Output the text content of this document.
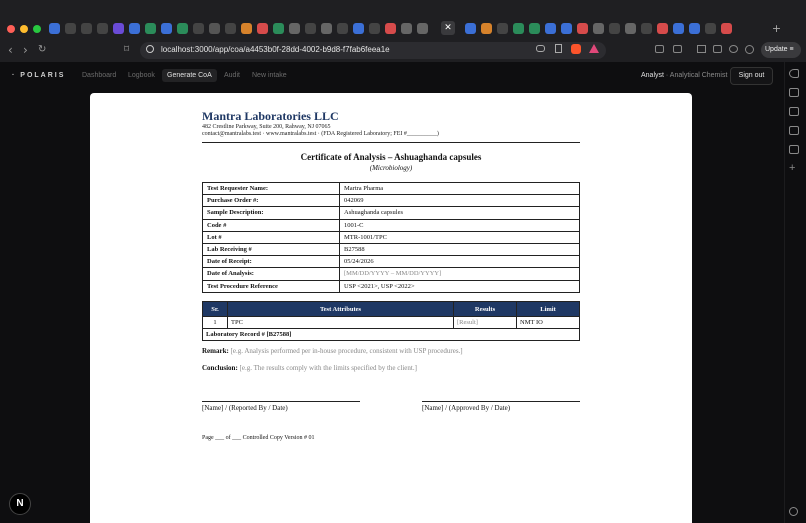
✕	+
‹ › ↻	⌑	localhost:3000/app/coa/a4453b0f-28dd-4002-b9d8-f7fab6feea1e	Update ≡
· POLARIS Dashboard Logbook	Generate CoA	Audit New intake	Analyst · Analytical Chemist	Sign out
+
N
Mantra Laboratories LLC
482 Crestline Parkway, Suite 200, Rahway, NJ 07065
contact@mantralabs.test · www.mantralabs.test · (FDA Registered Laboratory; FEI #__________)
Certificate of Analysis – Ashuaghanda capsules
(Microbiology)
Test Requester Name:	Martra Pharma
Purchase Order #:	042069
Sample Description:	Ashuaghanda capsules
Code #	1001-C
Lot #	MTR-1001/TPC
Lab Receiving #	B27588
Date of Receipt:	05/24/2026
Date of Analysis:	[MM/DD/YYYY – MM/DD/YYYY]
Test Procedure Reference	USP <2021>, USP <2022>
Sr.	Test Attributes	Results	Limit
1	TPC	[Result]	NMT IO
Laboratory Record # [B27588]			
Remark: [e.g. Analysis performed per in-house procedure, consistent with USP procedures.]
Conclusion: [e.g. The results comply with the limits specified by the client.]
[Name] / (Reported By / Date)	[Name] / (Approved By / Date)
Page ___ of ___ Controlled Copy Version # 01
